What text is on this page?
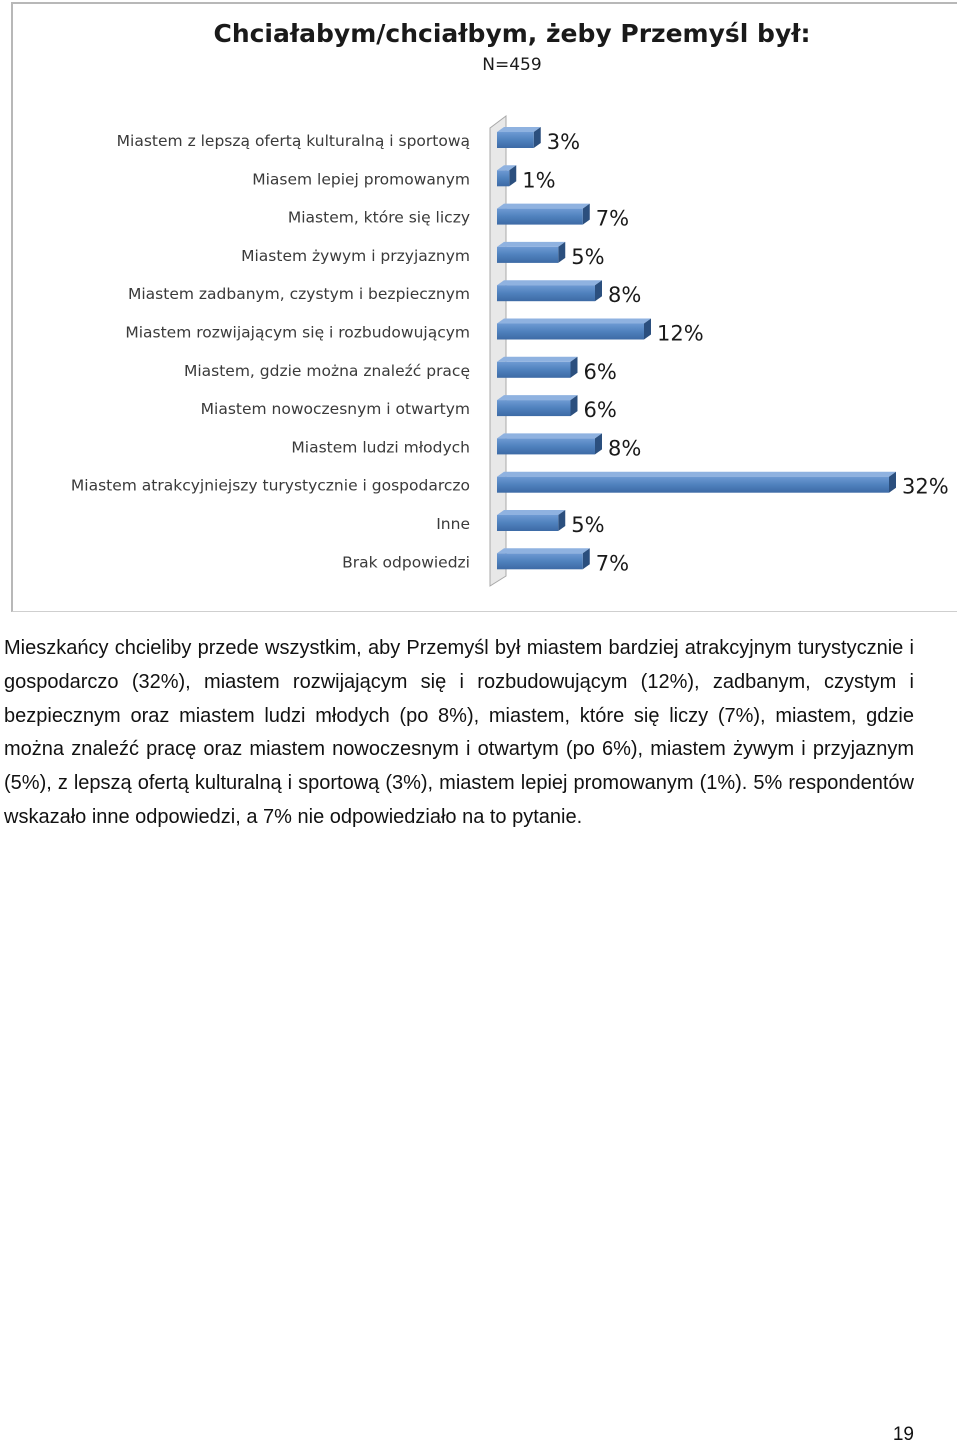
Chciałabym/chciałbym, żeby Przemyśl był:
N=459
Miastem z lepszą ofertą kulturalną i sportową	3%
Miasem lepiej promowanym 1%
Miastem, które się liczy	7%
Miastem żywym i przyjaznym	5%
Miastem zadbanym, czystym i bezpiecznym	8%
Miastem rozwijającym się i rozbudowującym	12%
Miastem, gdzie można znaleźć pracę	6%
Miastem nowoczesnym i otwartym	6%
Miastem ludzi młodych	8%
Miastem atrakcyjniejszy turystycznie i gospodarczo	32%
Inne	5%
Brak odpowiedzi	7%

Mieszkańcy chcieliby przede wszystkim, aby Przemyśl był miastem bardziej atrakcyjnym turystycznie i gospodarczo (32%), miastem rozwijającym się i rozbudowującym (12%), zadbanym, czystym i bezpiecznym oraz miastem ludzi młodych (po 8%), miastem, które się liczy (7%), miastem, gdzie można znaleźć pracę oraz miastem nowoczesnym i otwartym (po 6%), miastem żywym i przyjaznym (5%), z lepszą ofertą kulturalną i sportową (3%), miastem lepiej promowanym (1%). 5% respondentów wskazało inne odpowiedzi, a 7% nie odpowiedziało na to pytanie.

19
